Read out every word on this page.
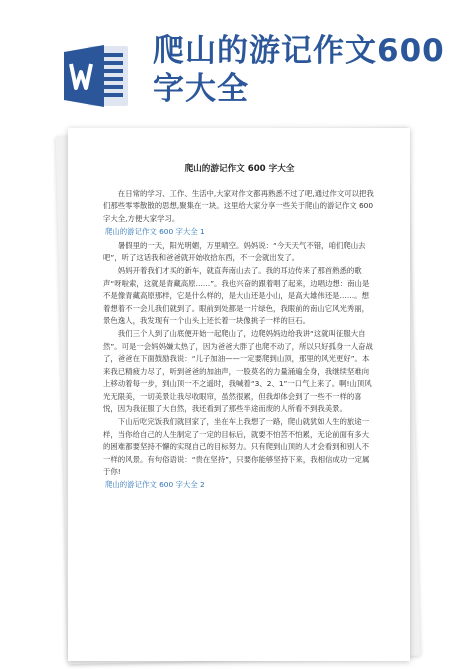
爬山的游记作文600字大全
爬山的游记作文 600 字大全
在日常的学习、工作、生活中,大家对作文都再熟悉不过了吧,通过作文可以把我们那些零零散散的思想,聚集在一块。这里给大家分享一些关于爬山的游记作文 600 字大全,方便大家学习。
爬山的游记作文 600 字大全 1
暑假里的一天，阳光明媚，万里晴空。妈妈说：“今天天气不错，咱们爬山去吧”，听了这话我和爸爸就开始收拾东西，不一会就出发了。
妈妈开着我们才买的新车，就直奔南山去了。我的耳边传来了那首熟悉的歌声“呀啦索，这就是青藏高原……”。我也兴奋的跟着唱了起来，边唱边想：南山是不是像青藏高原那样，它是什么样的，是大山还是小山，是高大雄伟还是……。想着想着不一会儿我们就到了。眼前到处都是一片绿色，我眼前的南山它风光秀丽，景色逸人，我发现有一个山头上还长着一块像挑子一样的巨石。
我们三个人到了山底便开始一起爬山了，边爬妈妈边给我讲“这就叫征服大自然”。可是一会妈妈嫌太热了，因为爸爸大胖了也爬不动了，所以只好孤身一人奋战了，爸爸在下面鼓励我说：“儿子加油——一定要爬到山顶，那里的风光更好”。本来我已精疲力尽了，听到爸爸的加油声，一股莫名的力量涌遍全身，我继续坚难向上移动着每一步，到山顶一不之遥时，我喊着“3、2、1”一口气上来了。啊!山顶风光无限美，一切美景让我尽收眼帘，虽然很累，但我却体会到了一些不一样的喜悦，因为我征服了大自然，我还看到了那些半途而废的人所看不到我美景。
下山后吃完饭我们就回家了，坐在车上我想了一路，爬山就犹如人生的旅途一样，当你给自己的人生制定了一定的目标后，就要不怕苦不怕累，无论前面有多大的困难都要坚持不懈的实现自己的目标努力。只有爬到山顶的人才会看到和别人不一样的风景。有句俗语说：“贵在坚持”，只要你能够坚持下来，我相信成功一定属于你!
爬山的游记作文 600 字大全 2
